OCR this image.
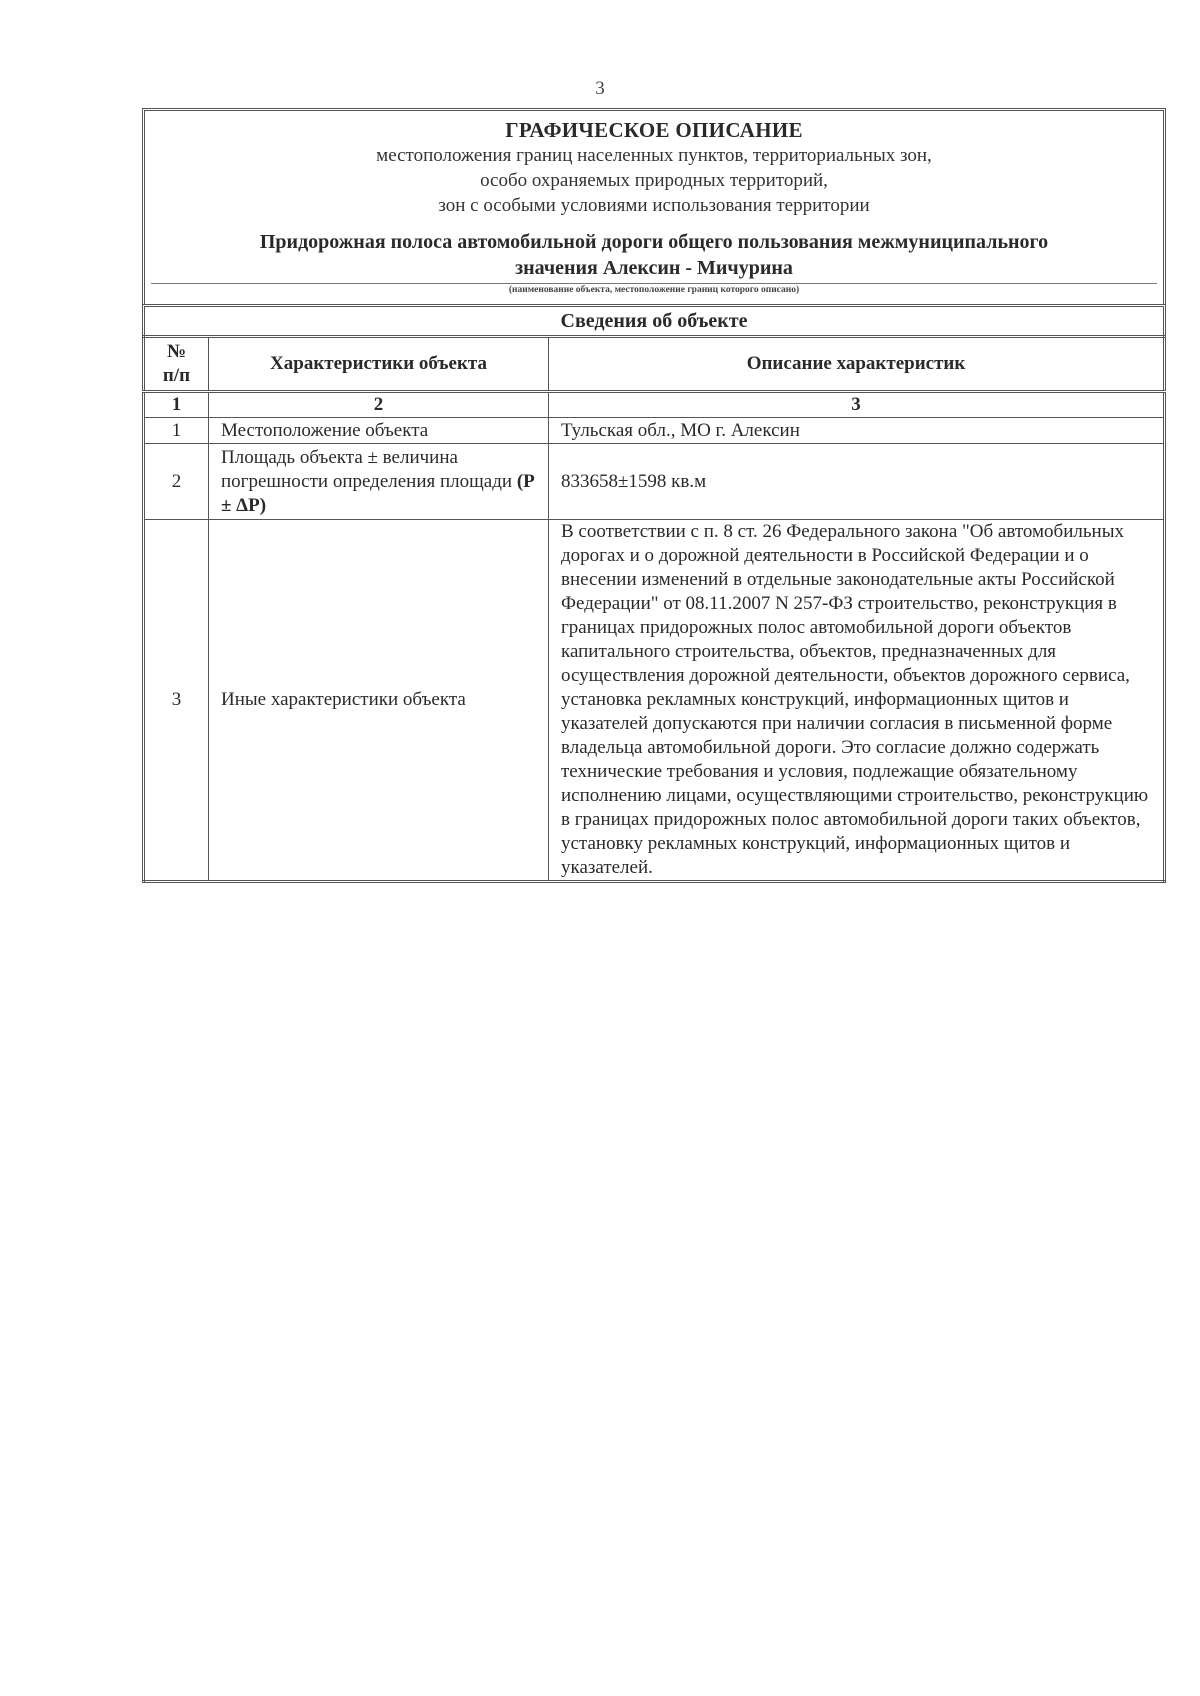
3
ГРАФИЧЕСКОЕ ОПИСАНИЕ
местоположения границ населенных пунктов, территориальных зон,
особо охраняемых природных территорий,
зон с особыми условиями использования территории
Придорожная полоса автомобильной дороги общего пользования межмуниципального
значения Алексин - Мичурина
(наименование объекта, местоположение границ которого описано)
Сведения об объекте
№
п/п	Характеристики объекта	Описание характеристик
1	2	3
1	Местоположение объекта	Тульская обл., МО г. Алексин
2	Площадь объекта ± величина погрешности определения площади (Р ± ΔР)	833658±1598 кв.м
3	Иные характеристики объекта	В соответствии с п. 8 ст. 26 Федерального закона "Об автомобильных дорогах и о дорожной деятельности в Российской Федерации и о внесении изменений в отдельные законодательные акты Российской Федерации" от 08.11.2007 N 257-ФЗ строительство, реконструкция в границах придорожных полос автомобильной дороги объектов капитального строительства, объектов, предназначенных для осуществления дорожной деятельности, объектов дорожного сервиса, установка рекламных конструкций, информационных щитов и указателей допускаются при наличии согласия в письменной форме владельца автомобильной дороги. Это согласие должно содержать технические требования и условия, подлежащие обязательному исполнению лицами, осуществляющими строительство, реконструкцию в границах придорожных полос автомобильной дороги таких объектов, установку рекламных конструкций, информационных щитов и указателей.
